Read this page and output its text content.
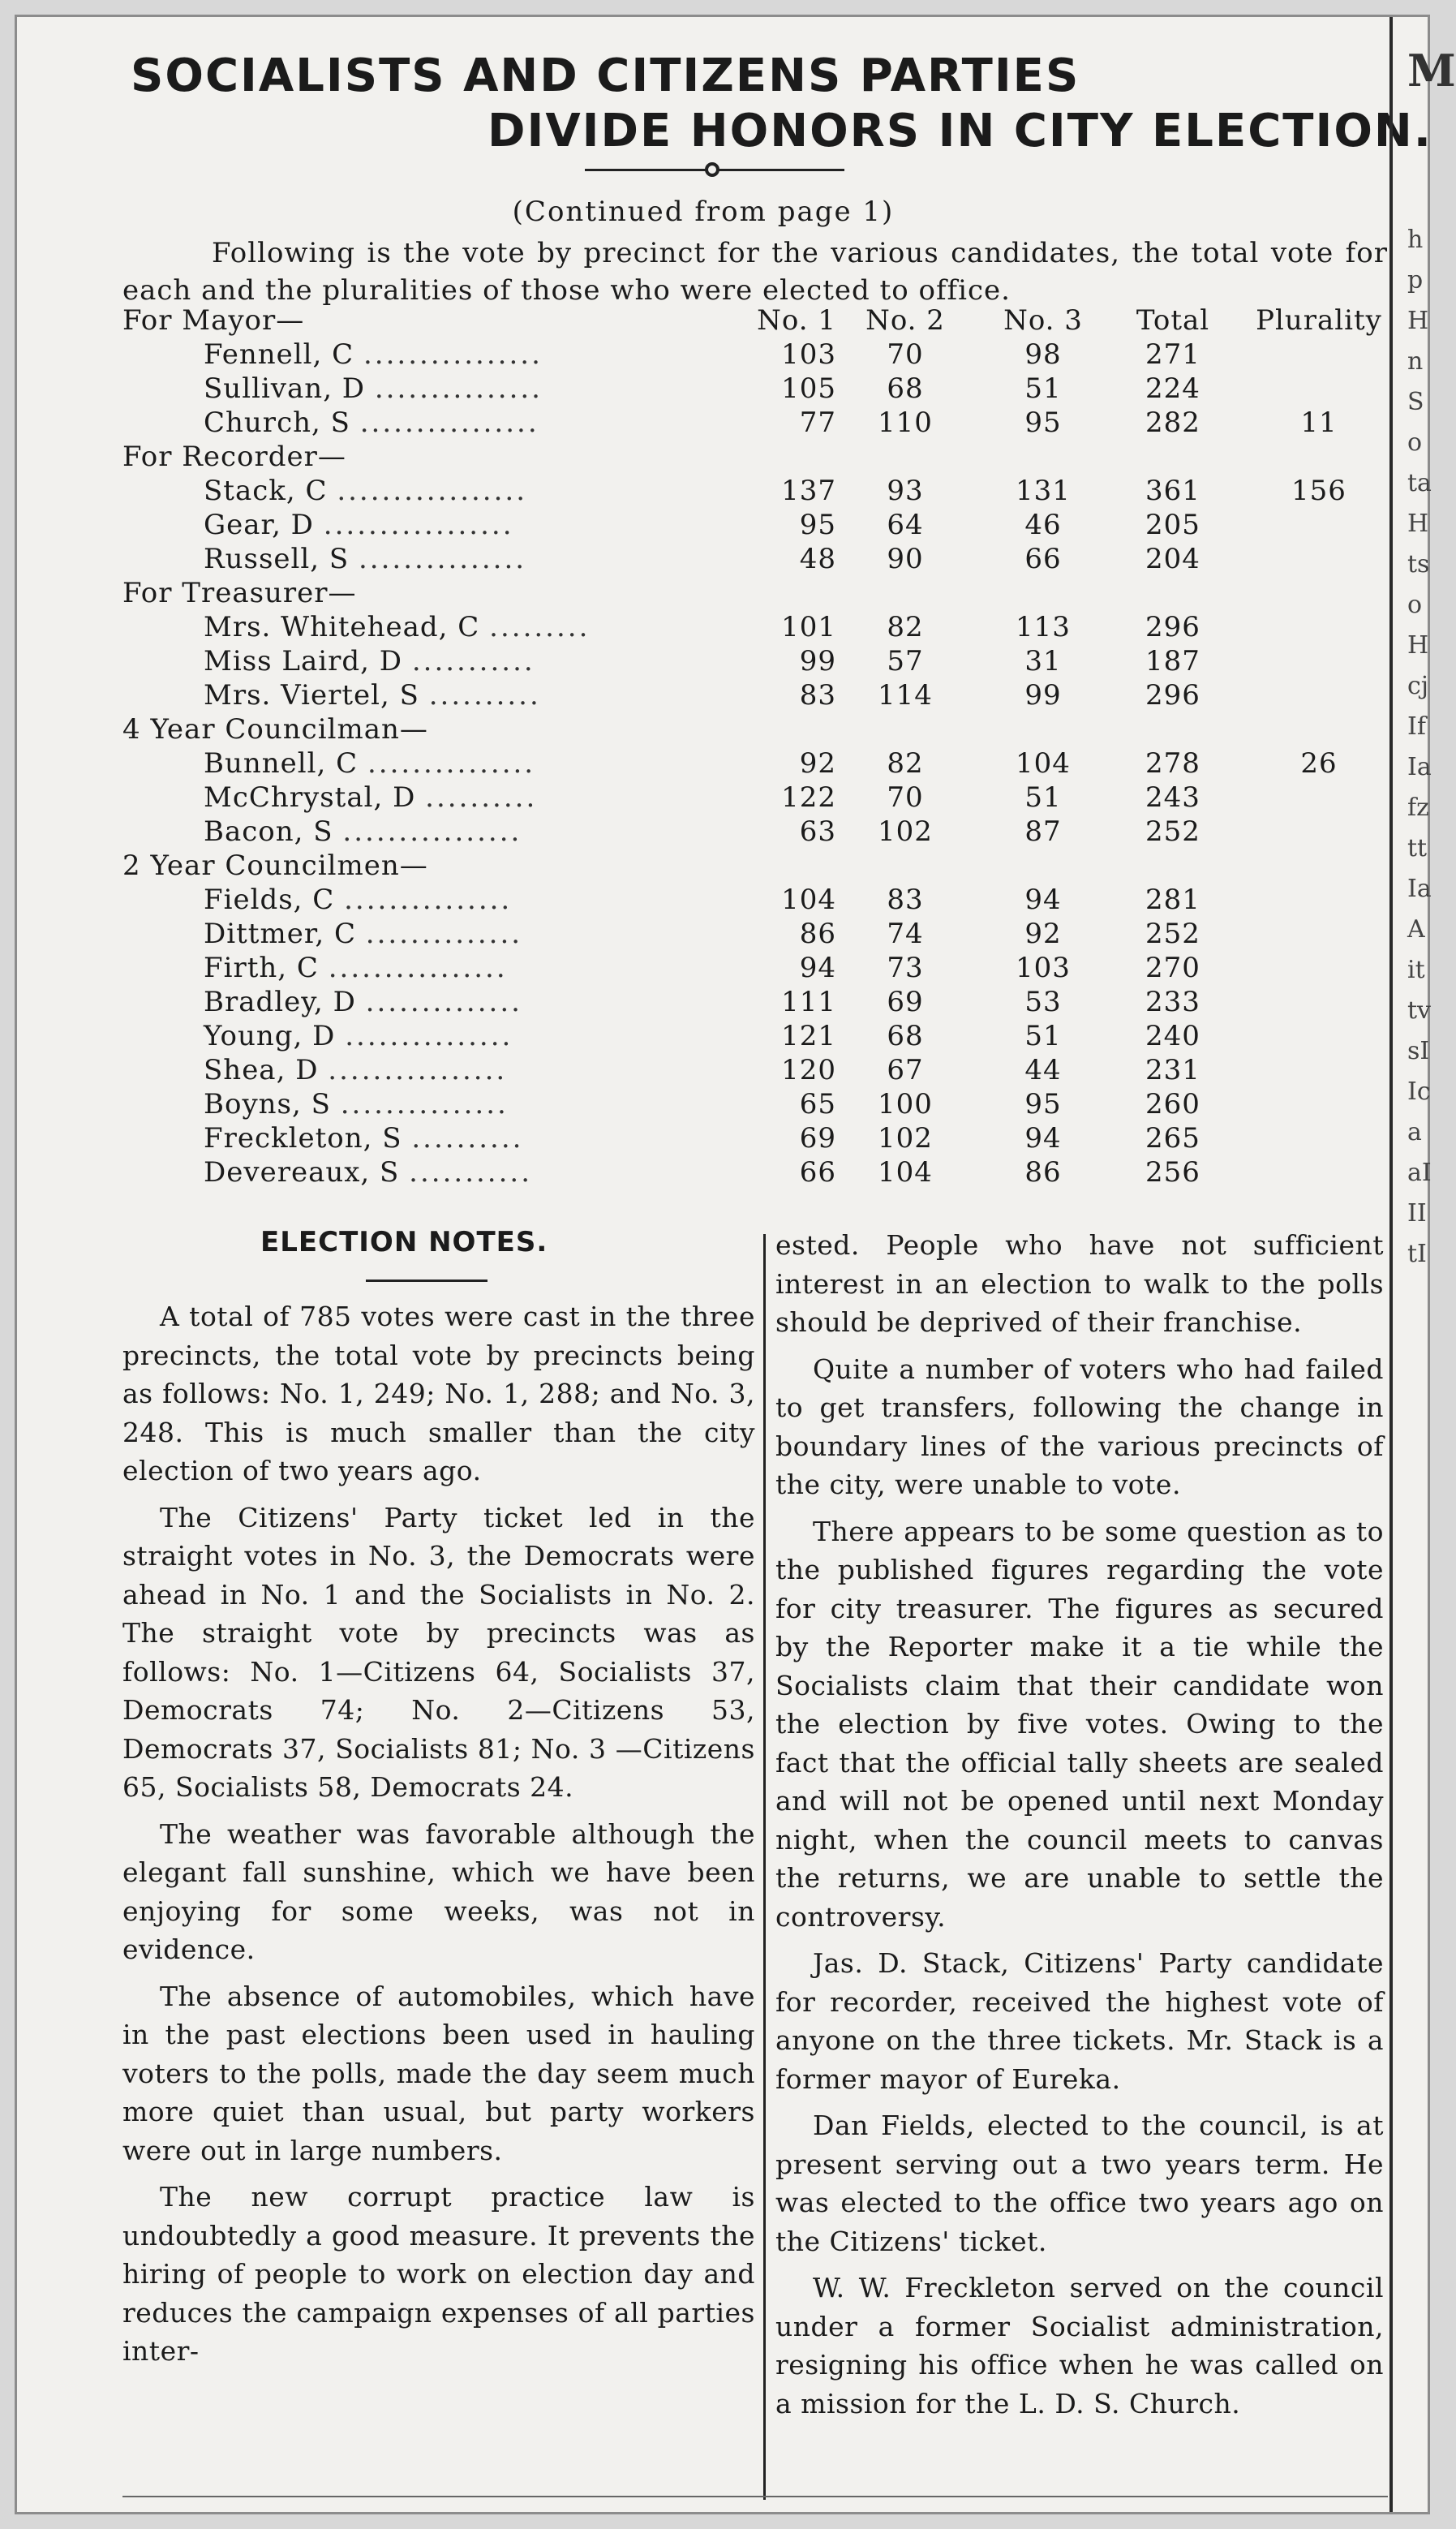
SOCIALISTS AND CITIZENS PARTIES
DIVIDE HONORS IN CITY ELECTION.
(Continued from page 1)
Following is the vote by precinct for the various candidates, the total vote for each and the pluralities of those who were elected to office.
For Mayor—	No. 1 No. 2 No. 3	Total	Plurality
Fennell, C ................	103	70	98	271
Sullivan, D ...............	105	68	51	224
Church, S ................	77	110	95	282	11
For Recorder—
Stack, C .................	137	93	131	361	156
Gear, D .................	95	64	46	205
Russell, S ...............	48	90	66	204
For Treasurer—
Mrs. Whitehead, C .........	101	82	113	296
Miss Laird, D ...........	99	57	31	187
Mrs. Viertel, S ..........	83	114	99	296
4 Year Councilman—
Bunnell, C ...............	92	82	104	278	26
McChrystal, D ..........	122	70	51	243
Bacon, S ................	63	102	87	252
2 Year Councilmen—
Fields, C ...............	104	83	94	281
Dittmer, C ..............	86	74	92	252
Firth, C ................	94	73	103	270
Bradley, D ..............	111	69	53	233
Young, D ...............	121	68	51	240
Shea, D ................	120	67	44	231
Boyns, S ...............	65	100	95	260
Freckleton, S ..........	69	102	94	265
Devereaux, S ...........	66	104	86	256
ELECTION NOTES.

A total of 785 votes were cast in the three precincts, the total vote by precincts being as follows: No. 1, 249; No. 1, 288; and No. 3, 248. This is much smaller than the city election of two years ago.

The Citizens' Party ticket led in the straight votes in No. 3, the Democrats were ahead in No. 1 and the Socialists in No. 2. The straight vote by precincts was as follows: No. 1—Citizens 64, Socialists 37, Democrats 74; No. 2—Citizens 53, Democrats 37, Socialists 81; No. 3 —Citizens 65, Socialists 58, Democrats 24.

The weather was favorable although the elegant fall sunshine, which we have been enjoying for some weeks, was not in evidence.

The absence of automobiles, which have in the past elections been used in hauling voters to the polls, made the day seem much more quiet than usual, but party workers were out in large numbers.

The new corrupt practice law is undoubtedly a good measure. It prevents the hiring of people to work on election day and reduces the campaign expenses of all parties inter-

ested. People who have not sufficient interest in an election to walk to the polls should be deprived of their franchise.

Quite a number of voters who had failed to get transfers, following the change in boundary lines of the various precincts of the city, were unable to vote.

There appears to be some question as to the published figures regarding the vote for city treasurer. The figures as secured by the Reporter make it a tie while the Socialists claim that their candidate won the election by five votes. Owing to the fact that the official tally sheets are sealed and will not be opened until next Monday night, when the council meets to canvas the returns, we are unable to settle the controversy.

Jas. D. Stack, Citizens' Party candidate for recorder, received the highest vote of anyone on the three tickets. Mr. Stack is a former mayor of Eureka.

Dan Fields, elected to the council, is at present serving out a two years term. He was elected to the office two years ago on the Citizens' ticket.

W. W. Freckleton served on the council under a former Socialist administration, resigning his office when he was called on a mission for the L. D. S. Church.

M
hpHnSotaHtsoHcjIfIafzttIaAittvsIIcaaIIItI
